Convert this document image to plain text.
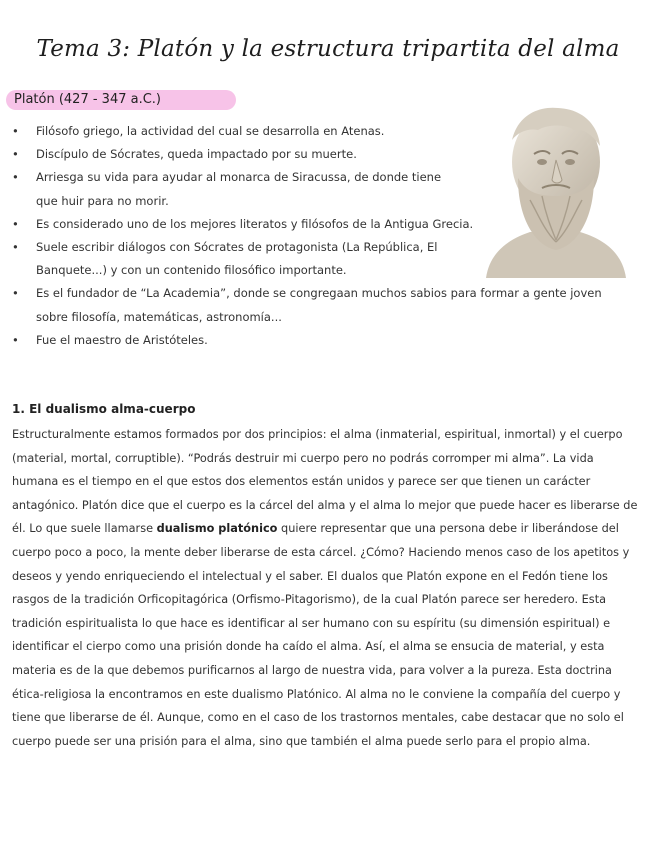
Tema 3: Platón y la estructura tripartita del alma
Platón (427 - 347 a.C.)
• Filósofo griego, la actividad del cual se desarrolla en Atenas.
• Discípulo de Sócrates, queda impactado por su muerte.
• Arriesga su vida para ayudar al monarca de Siracussa, de donde tiene que huir para no morir.
• Es considerado uno de los mejores literatos y filósofos de la Antigua Grecia.
• Suele escribir diálogos con Sócrates de protagonista (La República, El Banquete...) y con un contenido filosófico importante.
• Es el fundador de “La Academia”, donde se congregaan muchos sabios para formar a gente joven sobre filosofía, matemáticas, astronomía...
• Fue el maestro de Aristóteles.
1. El dualismo alma-cuerpo

Estructuralmente estamos formados por dos principios: el alma (inmaterial, espiritual, inmortal) y el cuerpo (material, mortal, corruptible). “Podrás destruir mi cuerpo pero no podrás corromper mi alma”. La vida humana es el tiempo en el que estos dos elementos están unidos y parece ser que tienen un carácter antagónico. Platón dice que el cuerpo es la cárcel del alma y el alma lo mejor que puede hacer es liberarse de él. Lo que suele llamarse dualismo platónico quiere representar que una persona debe ir liberándose del cuerpo poco a poco, la mente deber liberarse de esta cárcel. ¿Cómo? Haciendo menos caso de los apetitos y deseos y yendo enriqueciendo el intelectual y el saber. El dualos que Platón expone en el Fedón tiene los rasgos de la tradición Orficopitagórica (Orfismo-Pitagorismo), de la cual Platón parece ser heredero. Esta tradición espiritualista lo que hace es identificar al ser humano con su espíritu (su dimensión espiritual) e identificar el cierpo como una prisión donde ha caído el alma. Así, el alma se ensucia de material, y esta materia es de la que debemos purificarnos al largo de nuestra vida, para volver a la pureza. Esta doctrina ética-religiosa la encontramos en este dualismo Platónico. Al alma no le conviene la compañía del cuerpo y tiene que liberarse de él. Aunque, como en el caso de los trastornos mentales, cabe destacar que no solo el cuerpo puede ser una prisión para el alma, sino que también el alma puede serlo para el propio alma.
